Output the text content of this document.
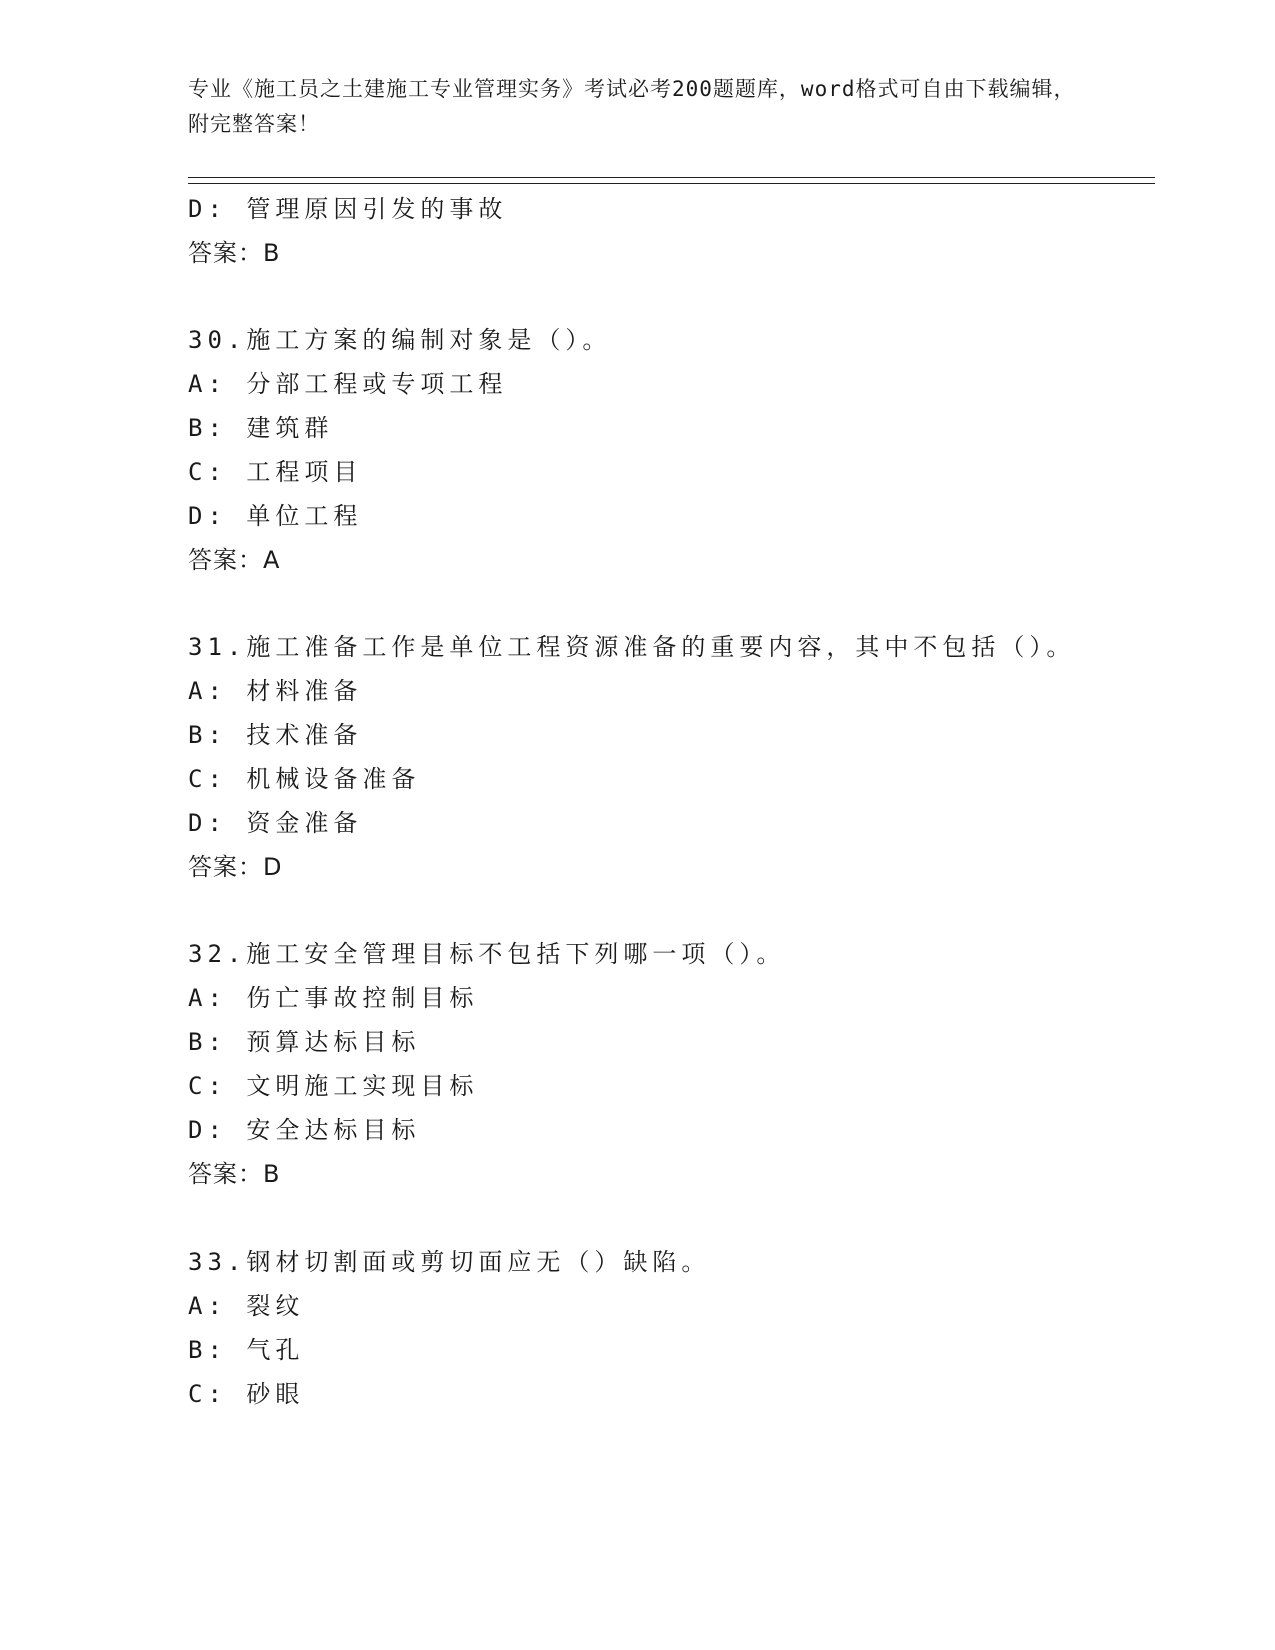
专业《施工员之土建施工专业管理实务》考试必考200题题库，word格式可自由下载编辑，附完整答案！
D: 管理原因引发的事故
答案：B
30.施工方案的编制对象是（）。
A: 分部工程或专项工程
B: 建筑群
C: 工程项目
D: 单位工程
答案：A
31.施工准备工作是单位工程资源准备的重要内容，其中不包括（）。
A: 材料准备
B: 技术准备
C: 机械设备准备
D: 资金准备
答案：D
32.施工安全管理目标不包括下列哪一项（）。
A: 伤亡事故控制目标
B: 预算达标目标
C: 文明施工实现目标
D: 安全达标目标
答案：B
33.钢材切割面或剪切面应无（）缺陷。
A: 裂纹
B: 气孔
C: 砂眼
